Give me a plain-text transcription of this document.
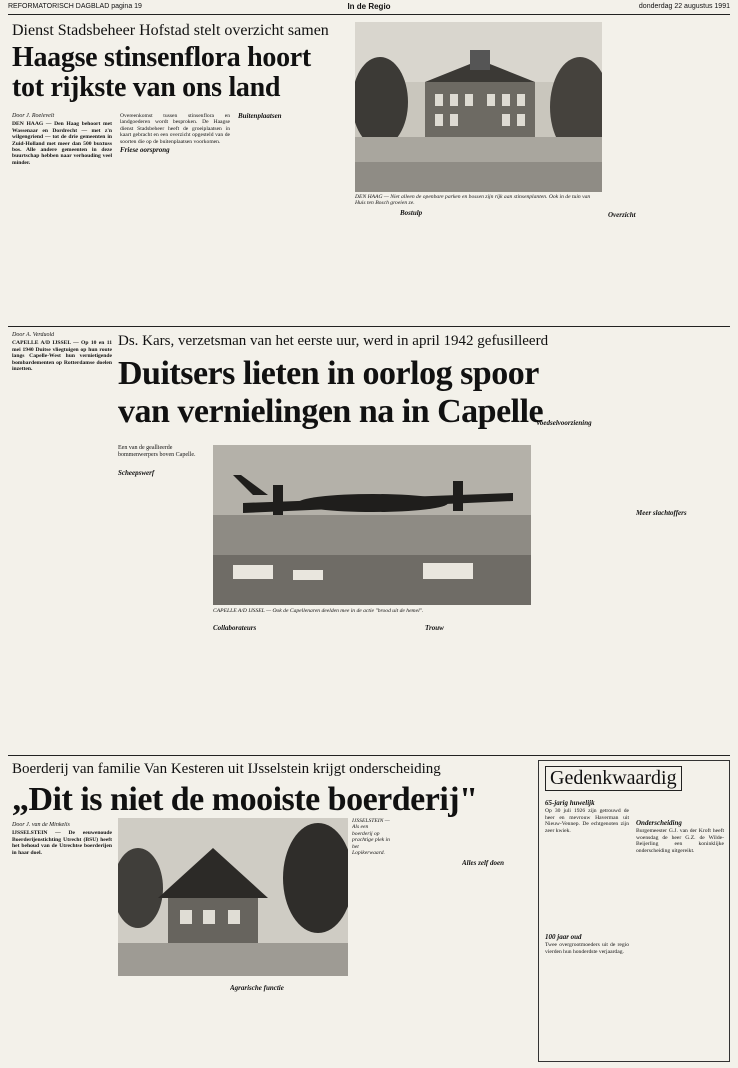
REFORMATORISCH DAGBLAD pagina 19	In de Regio	donderdag 22 augustus 1991
Dienst Stadsbeheer Hofstad stelt overzicht samen
Haagse stinsenflora hoort
tot rijkste van ons land
DEN HAAG — Niet alleen de openbare parken en bossen zijn rijk aan stinsenplanten. Ook in de tuin van Huis ten Bosch groeien ze.

Door J. Roelevelt

DEN HAAG — Den Haag behoort met Wassenaar en Dordrecht — met z'n wilgengriend — tot de drie gemeenten in Zuid-Holland met meer dan 500 buxtuss bos. Alle andere gemeenten in deze buurtschap hebben naar verhouding veel minder.

Overeenkomst tussen stinsenflora en landgoederen wordt besproken. De Haagse dienst Stadsbeheer heeft de groeiplaatsen in kaart gebracht en een overzicht opgesteld van de soorten die op de buitenplaatsen voorkomen.

Friese oorsprong

Buitenplaatsen

Bostulp	Overzicht

Door A. Verduold

CAPELLE A/D IJSSEL — Op 10 en 11 mei 1940 Duitse vliegtuigen op hun route langs Capelle-West hun vernietigende bombardementen op Rotterdamse doelen inzetten.

Ds. Kars, verzetsman van het eerste uur, werd in april 1942 gefusilleerd
Duitsers lieten in oorlog spoor
van vernielingen na in Capelle
Een van de geallieerde bommenwerpers boven Capelle.
CAPELLE A/D IJSSEL — Ook de Capellenaren deelden mee in de actie "brood uit de hemel".

Scheepswerf

Collaborateurs	Trouw

Voedselvoorziening

Meer slachtoffers

Boerderij van familie Van Kesteren uit IJsselstein krijgt onderscheiding
„Dit is niet de mooiste boerderij"

Door J. van de Minkelis

IJSSELSTEIN — De eeuwenoude Boerderijenstichting Utrecht (BSU) heeft het behoud van de Utrechtse boerderijen in haar doel.

IJSSELSTEIN — Als een boerderij op prachtige plek in het Lopikerwaard.

Agrarische functie

Alles zelf doen

Gedenkwaardig

65-jarig huwelijk

Op 30 juli 1926 zijn getrouwd de heer en mevrouw Haverman uit Nieuw-Vennep. De echtgenoten zijn zeer kwiek.

100 jaar oud

Twee overgrootmoeders uit de regio vierden hun honderdste verjaardag.

Onderscheiding

Burgemeester G.J. van der Kroft heeft woensdag de heer G.Z. de Wilde-Beijerling een koninklijke onderscheiding uitgereikt.
